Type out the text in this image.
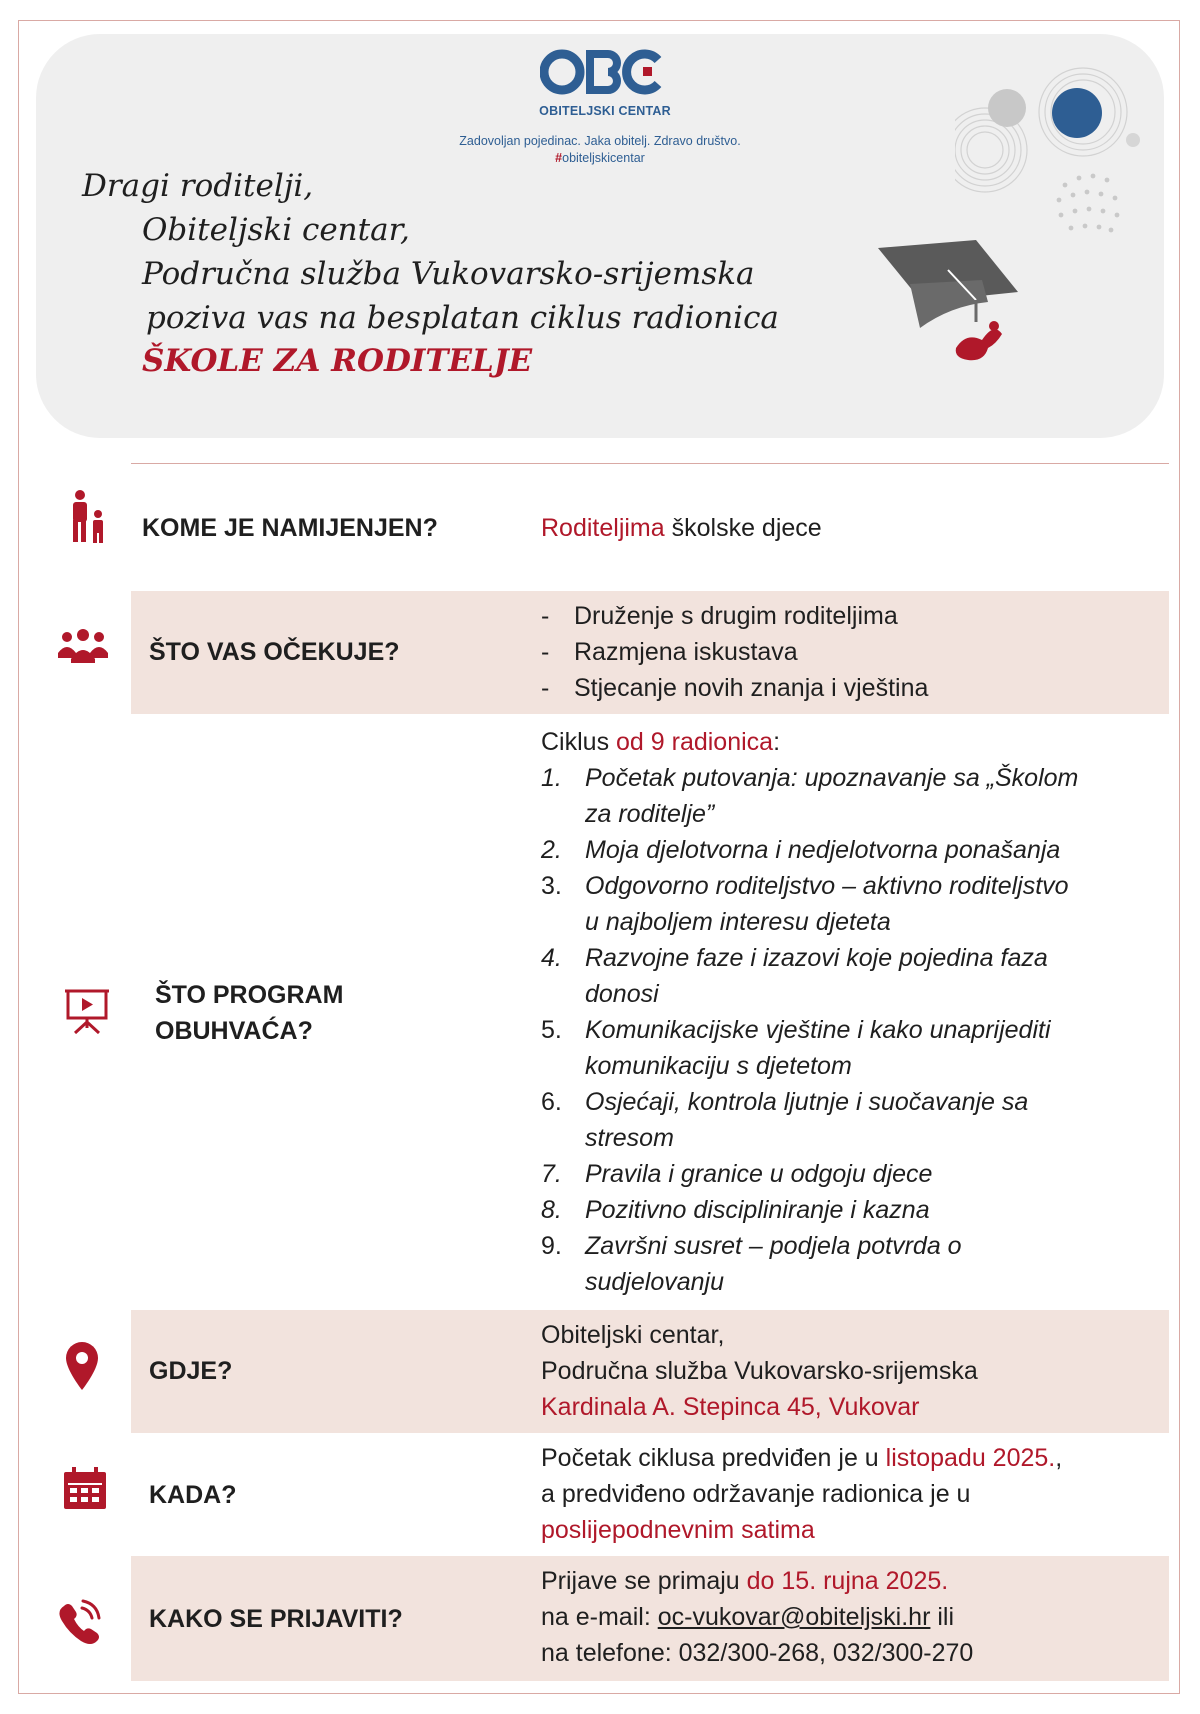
OBITELJSKI CENTAR
Zadovoljan pojedinac. Jaka obitelj. Zdravo društvo.
#obiteljskicentar
Dragi roditelji,
Obiteljski centar,
Područna služba Vukovarsko-srijemska
poziva vas na besplatan ciklus radionica
ŠKOLE ZA RODITELJE
KOME JE NAMIJENJEN?	Roditeljima školske djece
ŠTO VAS OČEKUJE?
- Druženje s drugim roditeljima
- Razmjena iskustava
- Stjecanje novih znanja i vještina
ŠTO PROGRAM
OBUHVAĆA?
Ciklus od 9 radionica:
1. Početak putovanja: upoznavanje sa „Školom
za roditelje”
2. Moja djelotvorna i nedjelotvorna ponašanja
3. Odgovorno roditeljstvo – aktivno roditeljstvo
u najboljem interesu djeteta
4. Razvojne faze i izazovi koje pojedina faza
donosi
5. Komunikacijske vještine i kako unaprijediti
komunikaciju s djetetom
6. Osjećaji, kontrola ljutnje i suočavanje sa
stresom
7. Pravila i granice u odgoju djece
8. Pozitivno discipliniranje i kazna
9. Završni susret – podjela potvrda o
sudjelovanju
GDJE?
Obiteljski centar,
Područna služba Vukovarsko-srijemska
Kardinala A. Stepinca 45, Vukovar
KADA?
Početak ciklusa predviđen je u listopadu 2025.,
a predviđeno održavanje radionica je u
poslijepodnevnim satima
KAKO SE PRIJAVITI?
Prijave se primaju do 15. rujna 2025.
na e-mail: oc-vukovar@obiteljski.hr ili
na telefone: 032/300-268, 032/300-270
